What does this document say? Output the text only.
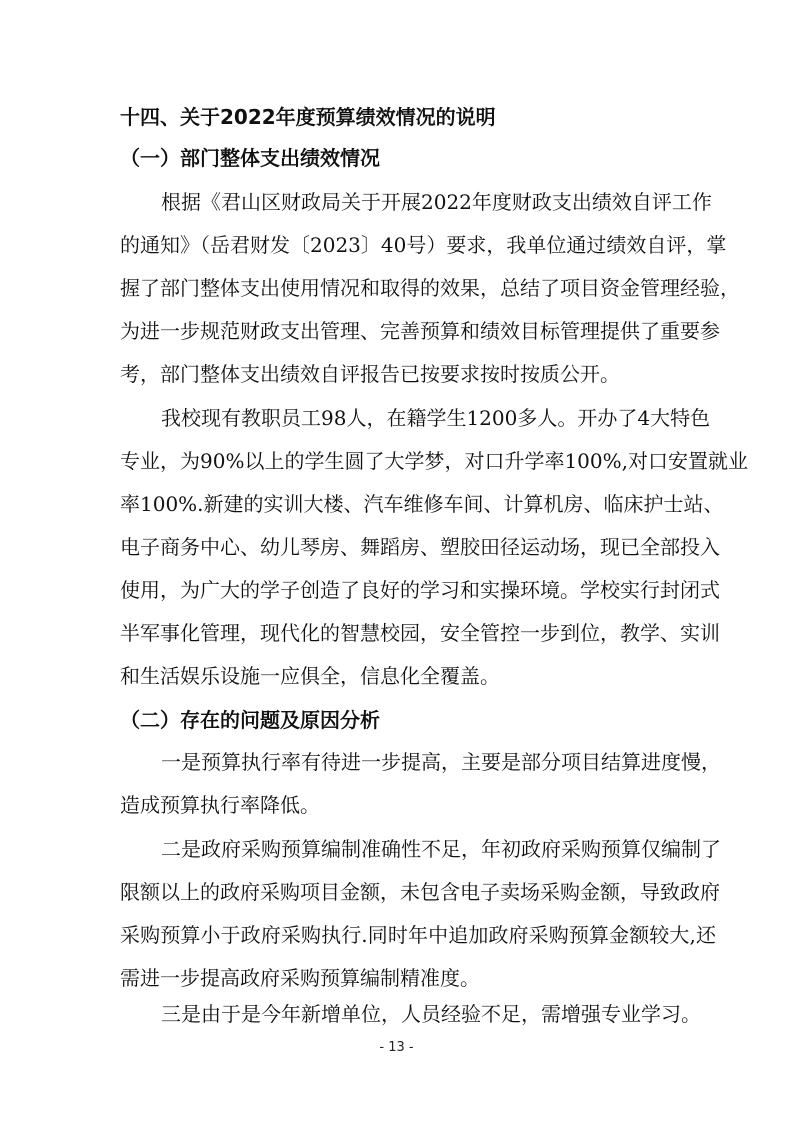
十四、关于2022年度预算绩效情况的说明
（一）部门整体支出绩效情况
根据《君山区财政局关于开展2022年度财政支出绩效自评工作
的通知》（岳君财发〔2023〕40号）要求，我单位通过绩效自评，掌
握了部门整体支出使用情况和取得的效果，总结了项目资金管理经验，
为进一步规范财政支出管理、完善预算和绩效目标管理提供了重要参
考，部门整体支出绩效自评报告已按要求按时按质公开。
我校现有教职员工98人，在籍学生1200多人。开办了4大特色
专业，为90%以上的学生圆了大学梦，对口升学率100%,对口安置就业
率100%.新建的实训大楼、汽车维修车间、计算机房、临床护士站、
电子商务中心、幼儿琴房、舞蹈房、塑胶田径运动场，现已全部投入
使用，为广大的学子创造了良好的学习和实操环境。学校实行封闭式
半军事化管理，现代化的智慧校园，安全管控一步到位，教学、实训
和生活娱乐设施一应俱全，信息化全覆盖。
（二）存在的问题及原因分析
一是预算执行率有待进一步提高，主要是部分项目结算进度慢，
造成预算执行率降低。
二是政府采购预算编制准确性不足，年初政府采购预算仅编制了
限额以上的政府采购项目金额，未包含电子卖场采购金额，导致政府
采购预算小于政府采购执行.同时年中追加政府采购预算金额较大,还
需进一步提高政府采购预算编制精准度。
三是由于是今年新增单位，人员经验不足，需增强专业学习。
- 13 -
